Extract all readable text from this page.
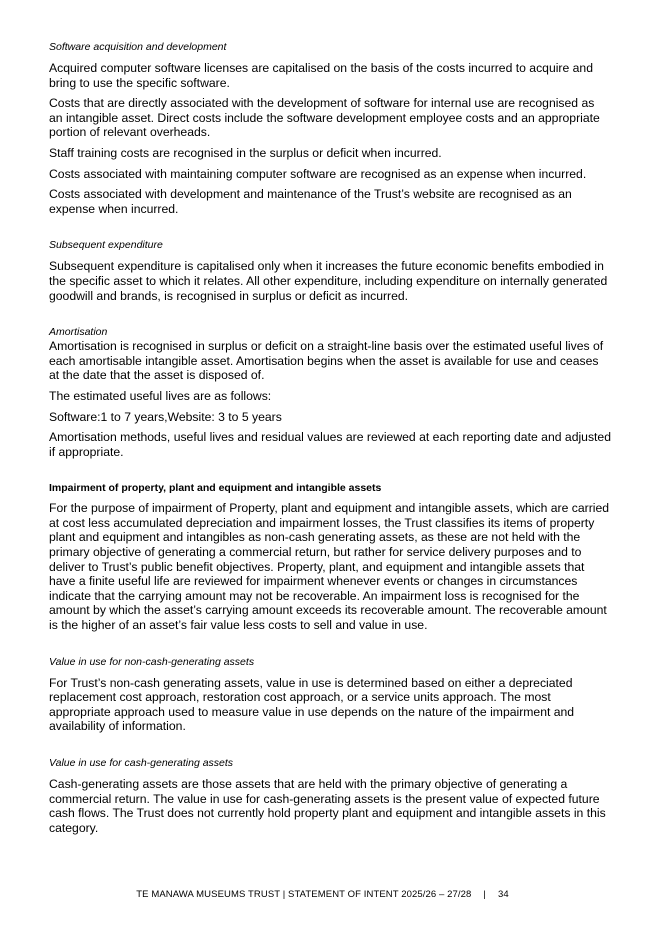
Software acquisition and development

Acquired computer software licenses are capitalised on the basis of the costs incurred to acquire and bring to use the specific software.

Costs that are directly associated with the development of software for internal use are recognised as an intangible asset. Direct costs include the software development employee costs and an appropriate portion of relevant overheads.

Staff training costs are recognised in the surplus or deficit when incurred.

Costs associated with maintaining computer software are recognised as an expense when incurred.

Costs associated with development and maintenance of the Trust’s website are recognised as an expense when incurred.

Subsequent expenditure

Subsequent expenditure is capitalised only when it increases the future economic benefits embodied in the specific asset to which it relates. All other expenditure, including expenditure on internally generated goodwill and brands, is recognised in surplus or deficit as incurred.

Amortisation

Amortisation is recognised in surplus or deficit on a straight-line basis over the estimated useful lives of each amortisable intangible asset. Amortisation begins when the asset is available for use and ceases at the date that the asset is disposed of.

The estimated useful lives are as follows:

Software:1 to 7 years,Website: 3 to 5 years

Amortisation methods, useful lives and residual values are reviewed at each reporting date and adjusted if appropriate.

Impairment of property, plant and equipment and intangible assets

For the purpose of impairment of Property, plant and equipment and intangible assets, which are carried at cost less accumulated depreciation and impairment losses, the Trust classifies its items of property plant and equipment and intangibles as non-cash generating assets, as these are not held with the primary objective of generating a commercial return, but rather for service delivery purposes and to deliver to Trust’s public benefit objectives. Property, plant, and equipment and intangible assets that have a finite useful life are reviewed for impairment whenever events or changes in circumstances indicate that the carrying amount may not be recoverable. An impairment loss is recognised for the amount by which the asset’s carrying amount exceeds its recoverable amount. The recoverable amount is the higher of an asset’s fair value less costs to sell and value in use.

Value in use for non-cash-generating assets

For Trust’s non-cash generating assets, value in use is determined based on either a depreciated replacement cost approach, restoration cost approach, or a service units approach. The most appropriate approach used to measure value in use depends on the nature of the impairment and availability of information.

Value in use for cash-generating assets

Cash-generating assets are those assets that are held with the primary objective of generating a commercial return. The value in use for cash-generating assets is the present value of expected future cash flows. The Trust does not currently hold property plant and equipment and intangible assets in this category.

TE MANAWA MUSEUMS TRUST | STATEMENT OF INTENT 2025/26 – 27/28 | 34
